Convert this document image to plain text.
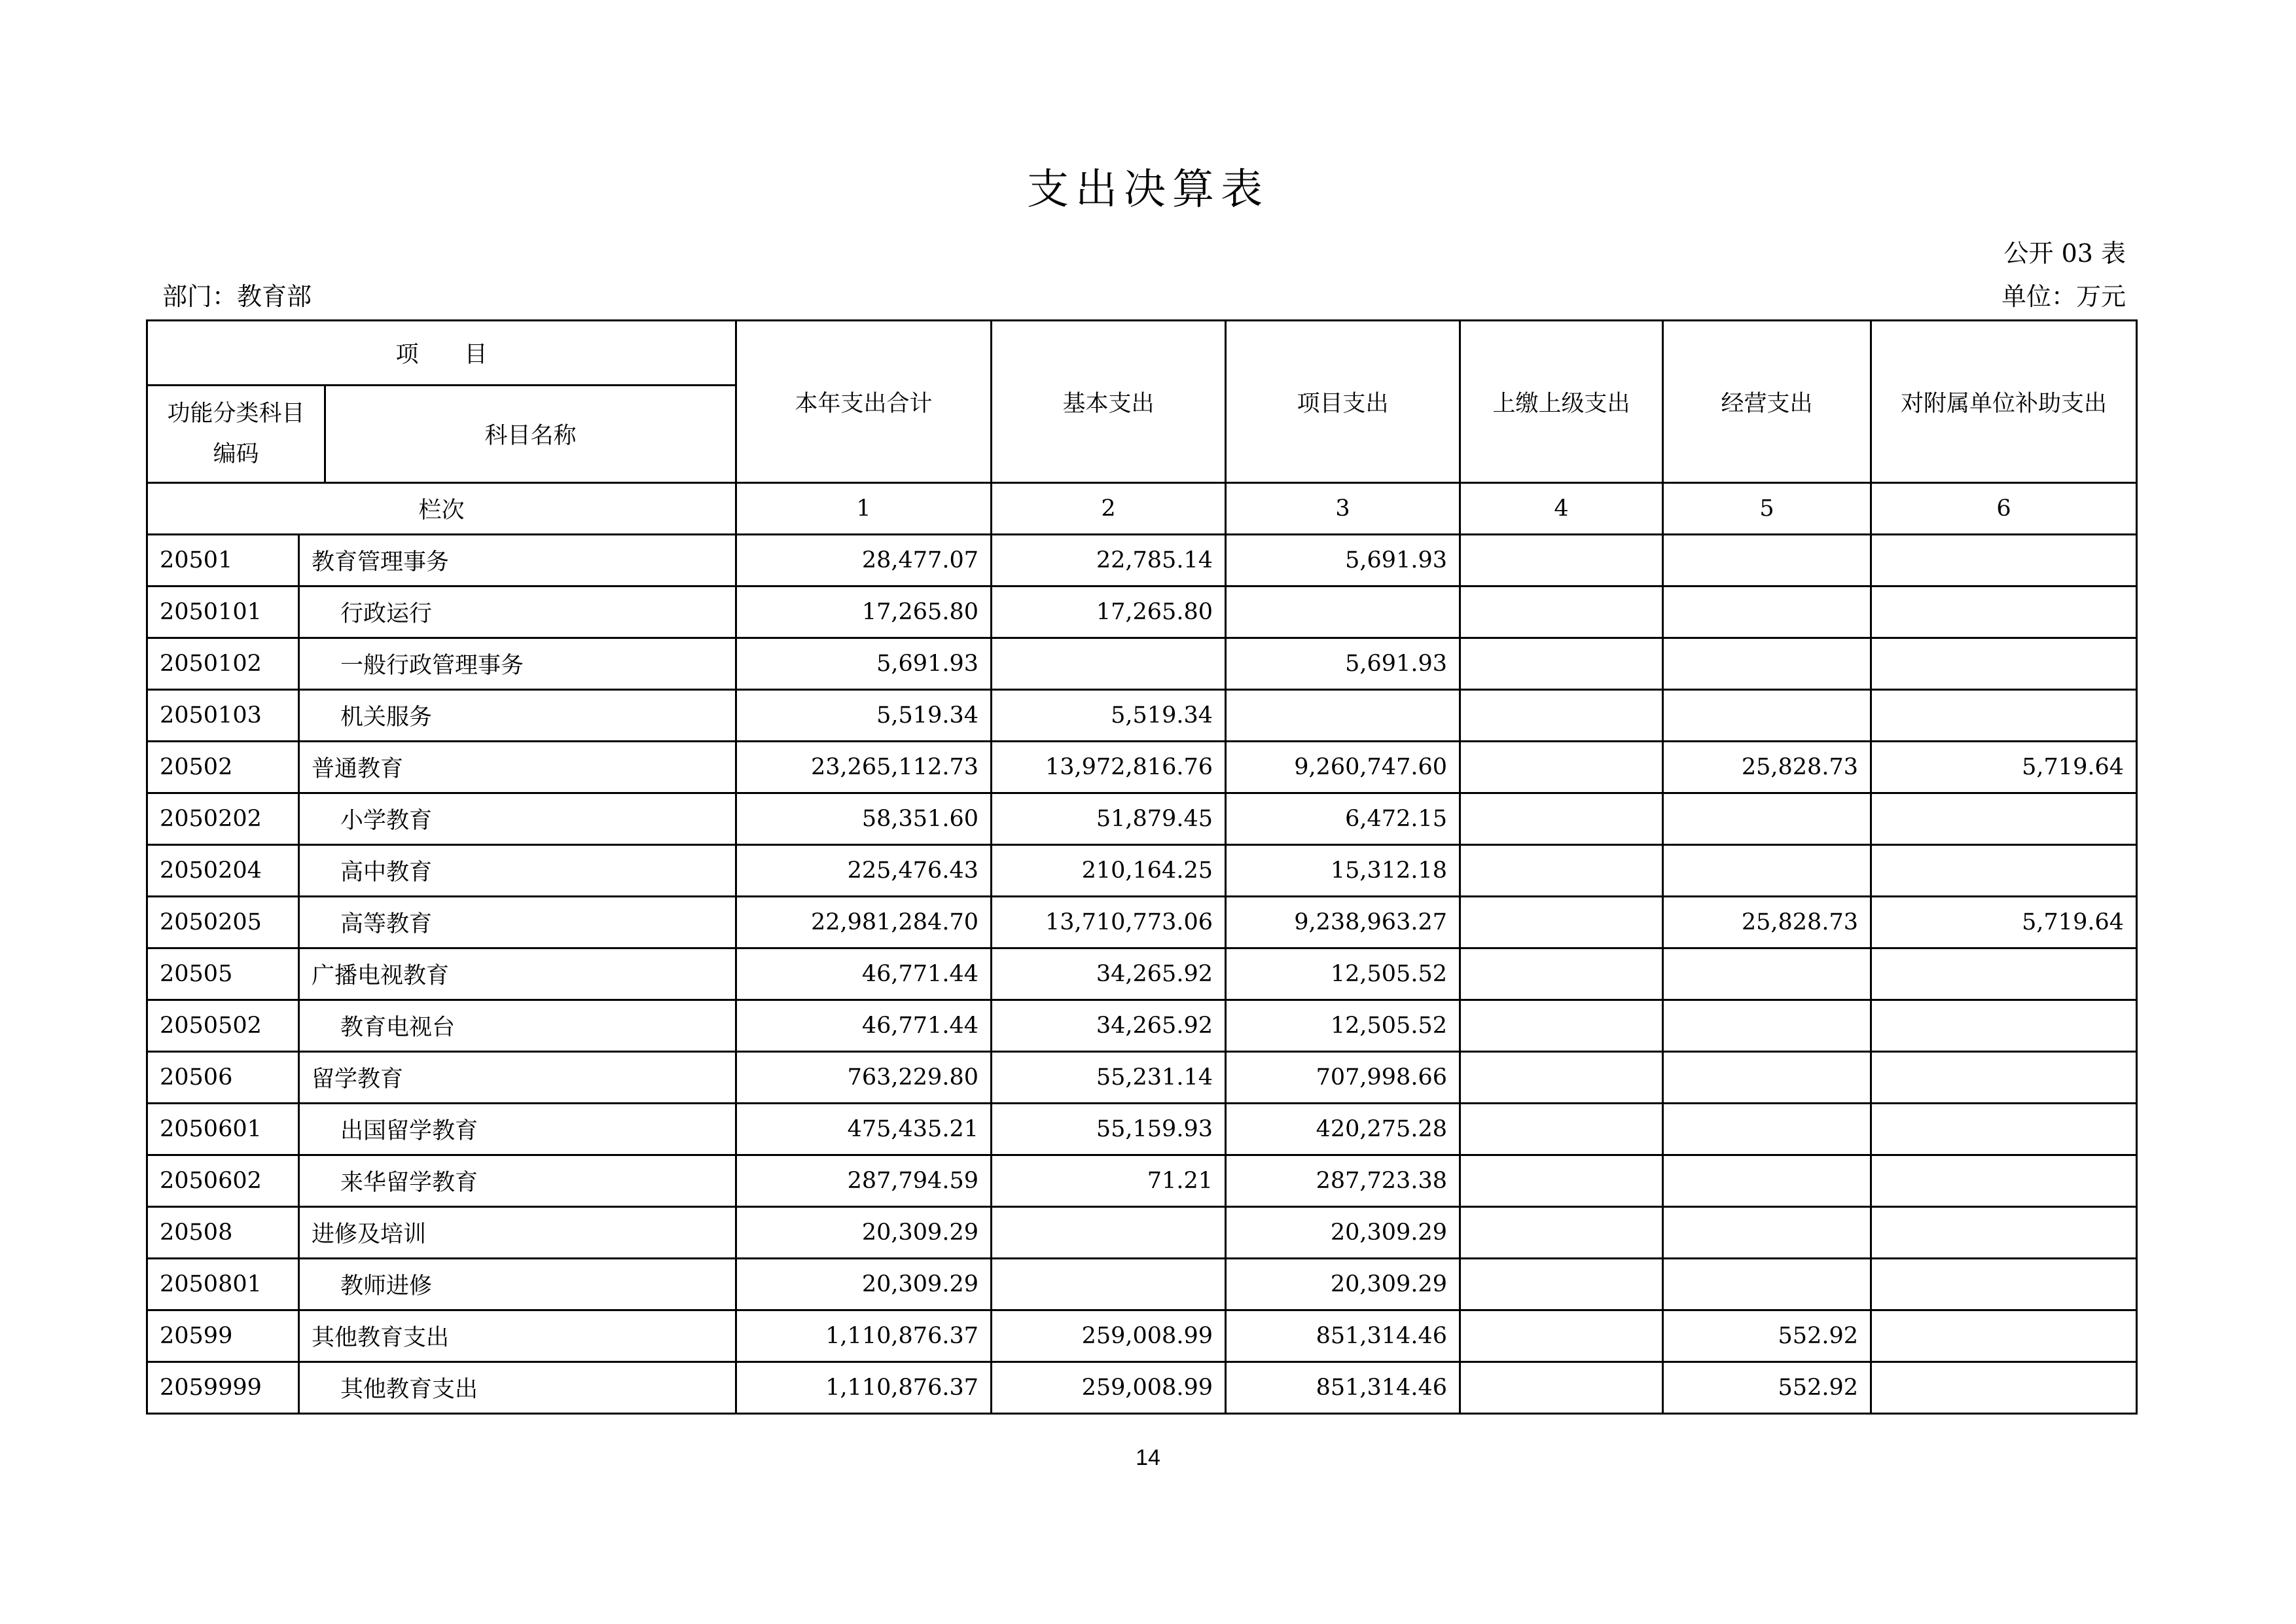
支出决算表
公开 03 表
部门：教育部	单位：万元
项　　目			本年支出合计	基本支出	项目支出	上缴上级支出	经营支出	对附属单位补助支出
功能分类科目编码		科目名称						
栏次			1	2	3	4	5	6
20501	教育管理事务		28,477.07	22,785.14	5,691.93			
2050101	行政运行		17,265.80	17,265.80				
2050102	一般行政管理事务		5,691.93		5,691.93			
2050103	机关服务		5,519.34	5,519.34				
20502	普通教育		23,265,112.73	13,972,816.76	9,260,747.60		25,828.73	5,719.64
2050202	小学教育		58,351.60	51,879.45	6,472.15			
2050204	高中教育		225,476.43	210,164.25	15,312.18			
2050205	高等教育		22,981,284.70	13,710,773.06	9,238,963.27		25,828.73	5,719.64
20505	广播电视教育		46,771.44	34,265.92	12,505.52			
2050502	教育电视台		46,771.44	34,265.92	12,505.52			
20506	留学教育		763,229.80	55,231.14	707,998.66			
2050601	出国留学教育		475,435.21	55,159.93	420,275.28			
2050602	来华留学教育		287,794.59	71.21	287,723.38			
20508	进修及培训		20,309.29		20,309.29			
2050801	教师进修		20,309.29		20,309.29			
20599	其他教育支出		1,110,876.37	259,008.99	851,314.46		552.92	
2059999	其他教育支出		1,110,876.37	259,008.99	851,314.46		552.92	
14
